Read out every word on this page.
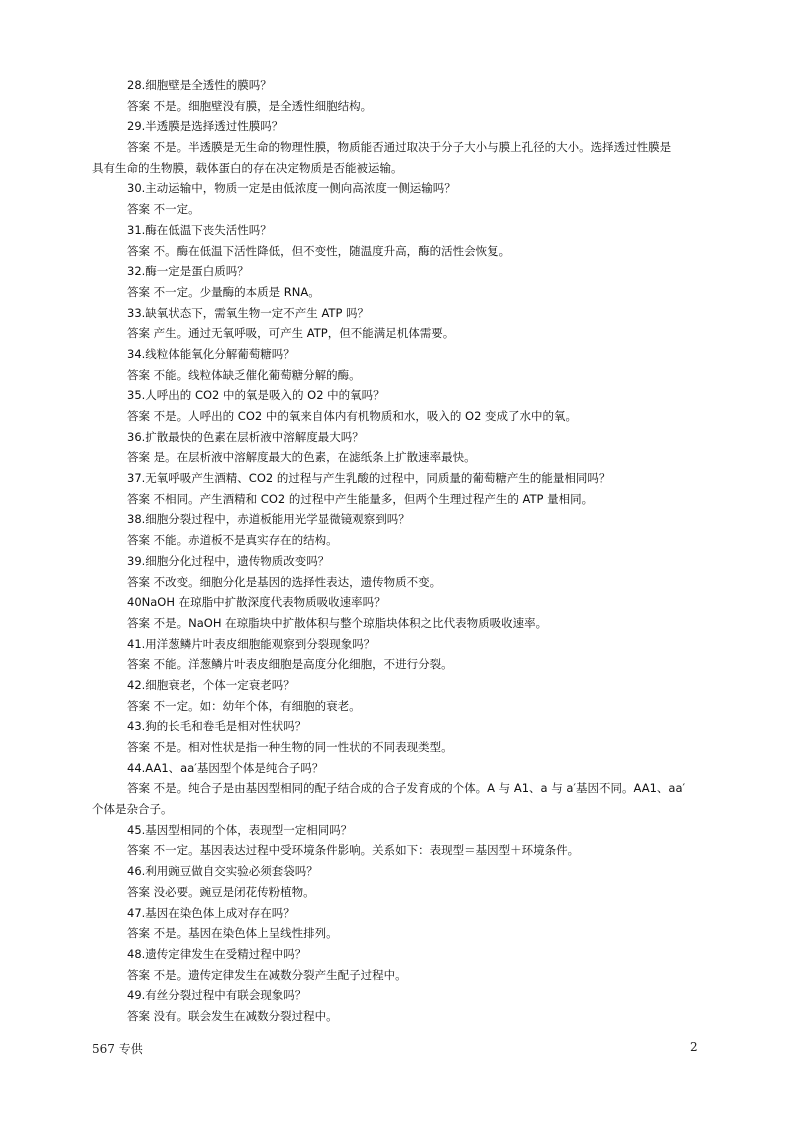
28.细胞壁是全透性的膜吗？
答案 不是。细胞壁没有膜，是全透性细胞结构。
29.半透膜是选择透过性膜吗？
答案 不是。半透膜是无生命的物理性膜，物质能否通过取决于分子大小与膜上孔径的大小。选择透过性膜是
具有生命的生物膜，载体蛋白的存在决定物质是否能被运输。
30.主动运输中，物质一定是由低浓度一侧向高浓度一侧运输吗？
答案 不一定。
31.酶在低温下丧失活性吗？
答案 不。酶在低温下活性降低，但不变性，随温度升高，酶的活性会恢复。
32.酶一定是蛋白质吗？
答案 不一定。少量酶的本质是 RNA。
33.缺氧状态下，需氧生物一定不产生 ATP 吗？
答案 产生。通过无氧呼吸，可产生 ATP，但不能满足机体需要。
34.线粒体能氧化分解葡萄糖吗？
答案 不能。线粒体缺乏催化葡萄糖分解的酶。
35.人呼出的 CO2 中的氧是吸入的 O2 中的氧吗？
答案 不是。人呼出的 CO2 中的氧来自体内有机物质和水，吸入的 O2 变成了水中的氧。
36.扩散最快的色素在层析液中溶解度最大吗？
答案 是。在层析液中溶解度最大的色素，在滤纸条上扩散速率最快。
37.无氧呼吸产生酒精、CO2 的过程与产生乳酸的过程中，同质量的葡萄糖产生的能量相同吗？
答案 不相同。产生酒精和 CO2 的过程中产生能量多，但两个生理过程产生的 ATP 量相同。
38.细胞分裂过程中，赤道板能用光学显微镜观察到吗？
答案 不能。赤道板不是真实存在的结构。
39.细胞分化过程中，遗传物质改变吗？
答案 不改变。细胞分化是基因的选择性表达，遗传物质不变。
40NaOH 在琼脂中扩散深度代表物质吸收速率吗？
答案 不是。NaOH 在琼脂块中扩散体积与整个琼脂块体积之比代表物质吸收速率。
41.用洋葱鳞片叶表皮细胞能观察到分裂现象吗？
答案 不能。洋葱鳞片叶表皮细胞是高度分化细胞，不进行分裂。
42.细胞衰老，个体一定衰老吗？
答案 不一定。如：幼年个体，有细胞的衰老。
43.狗的长毛和卷毛是相对性状吗？
答案 不是。相对性状是指一种生物的同一性状的不同表现类型。
44.AA1、aa′基因型个体是纯合子吗？
答案 不是。纯合子是由基因型相同的配子结合成的合子发育成的个体。A 与 A1、a 与 a′基因不同。AA1、aa′
个体是杂合子。
45.基因型相同的个体，表现型一定相同吗？
答案 不一定。基因表达过程中受环境条件影响。关系如下：表现型＝基因型＋环境条件。
46.利用豌豆做自交实验必须套袋吗？
答案 没必要。豌豆是闭花传粉植物。
47.基因在染色体上成对存在吗？
答案 不是。基因在染色体上呈线性排列。
48.遗传定律发生在受精过程中吗？
答案 不是。遗传定律发生在减数分裂产生配子过程中。
49.有丝分裂过程中有联会现象吗？
答案 没有。联会发生在减数分裂过程中。
567 专供	2
